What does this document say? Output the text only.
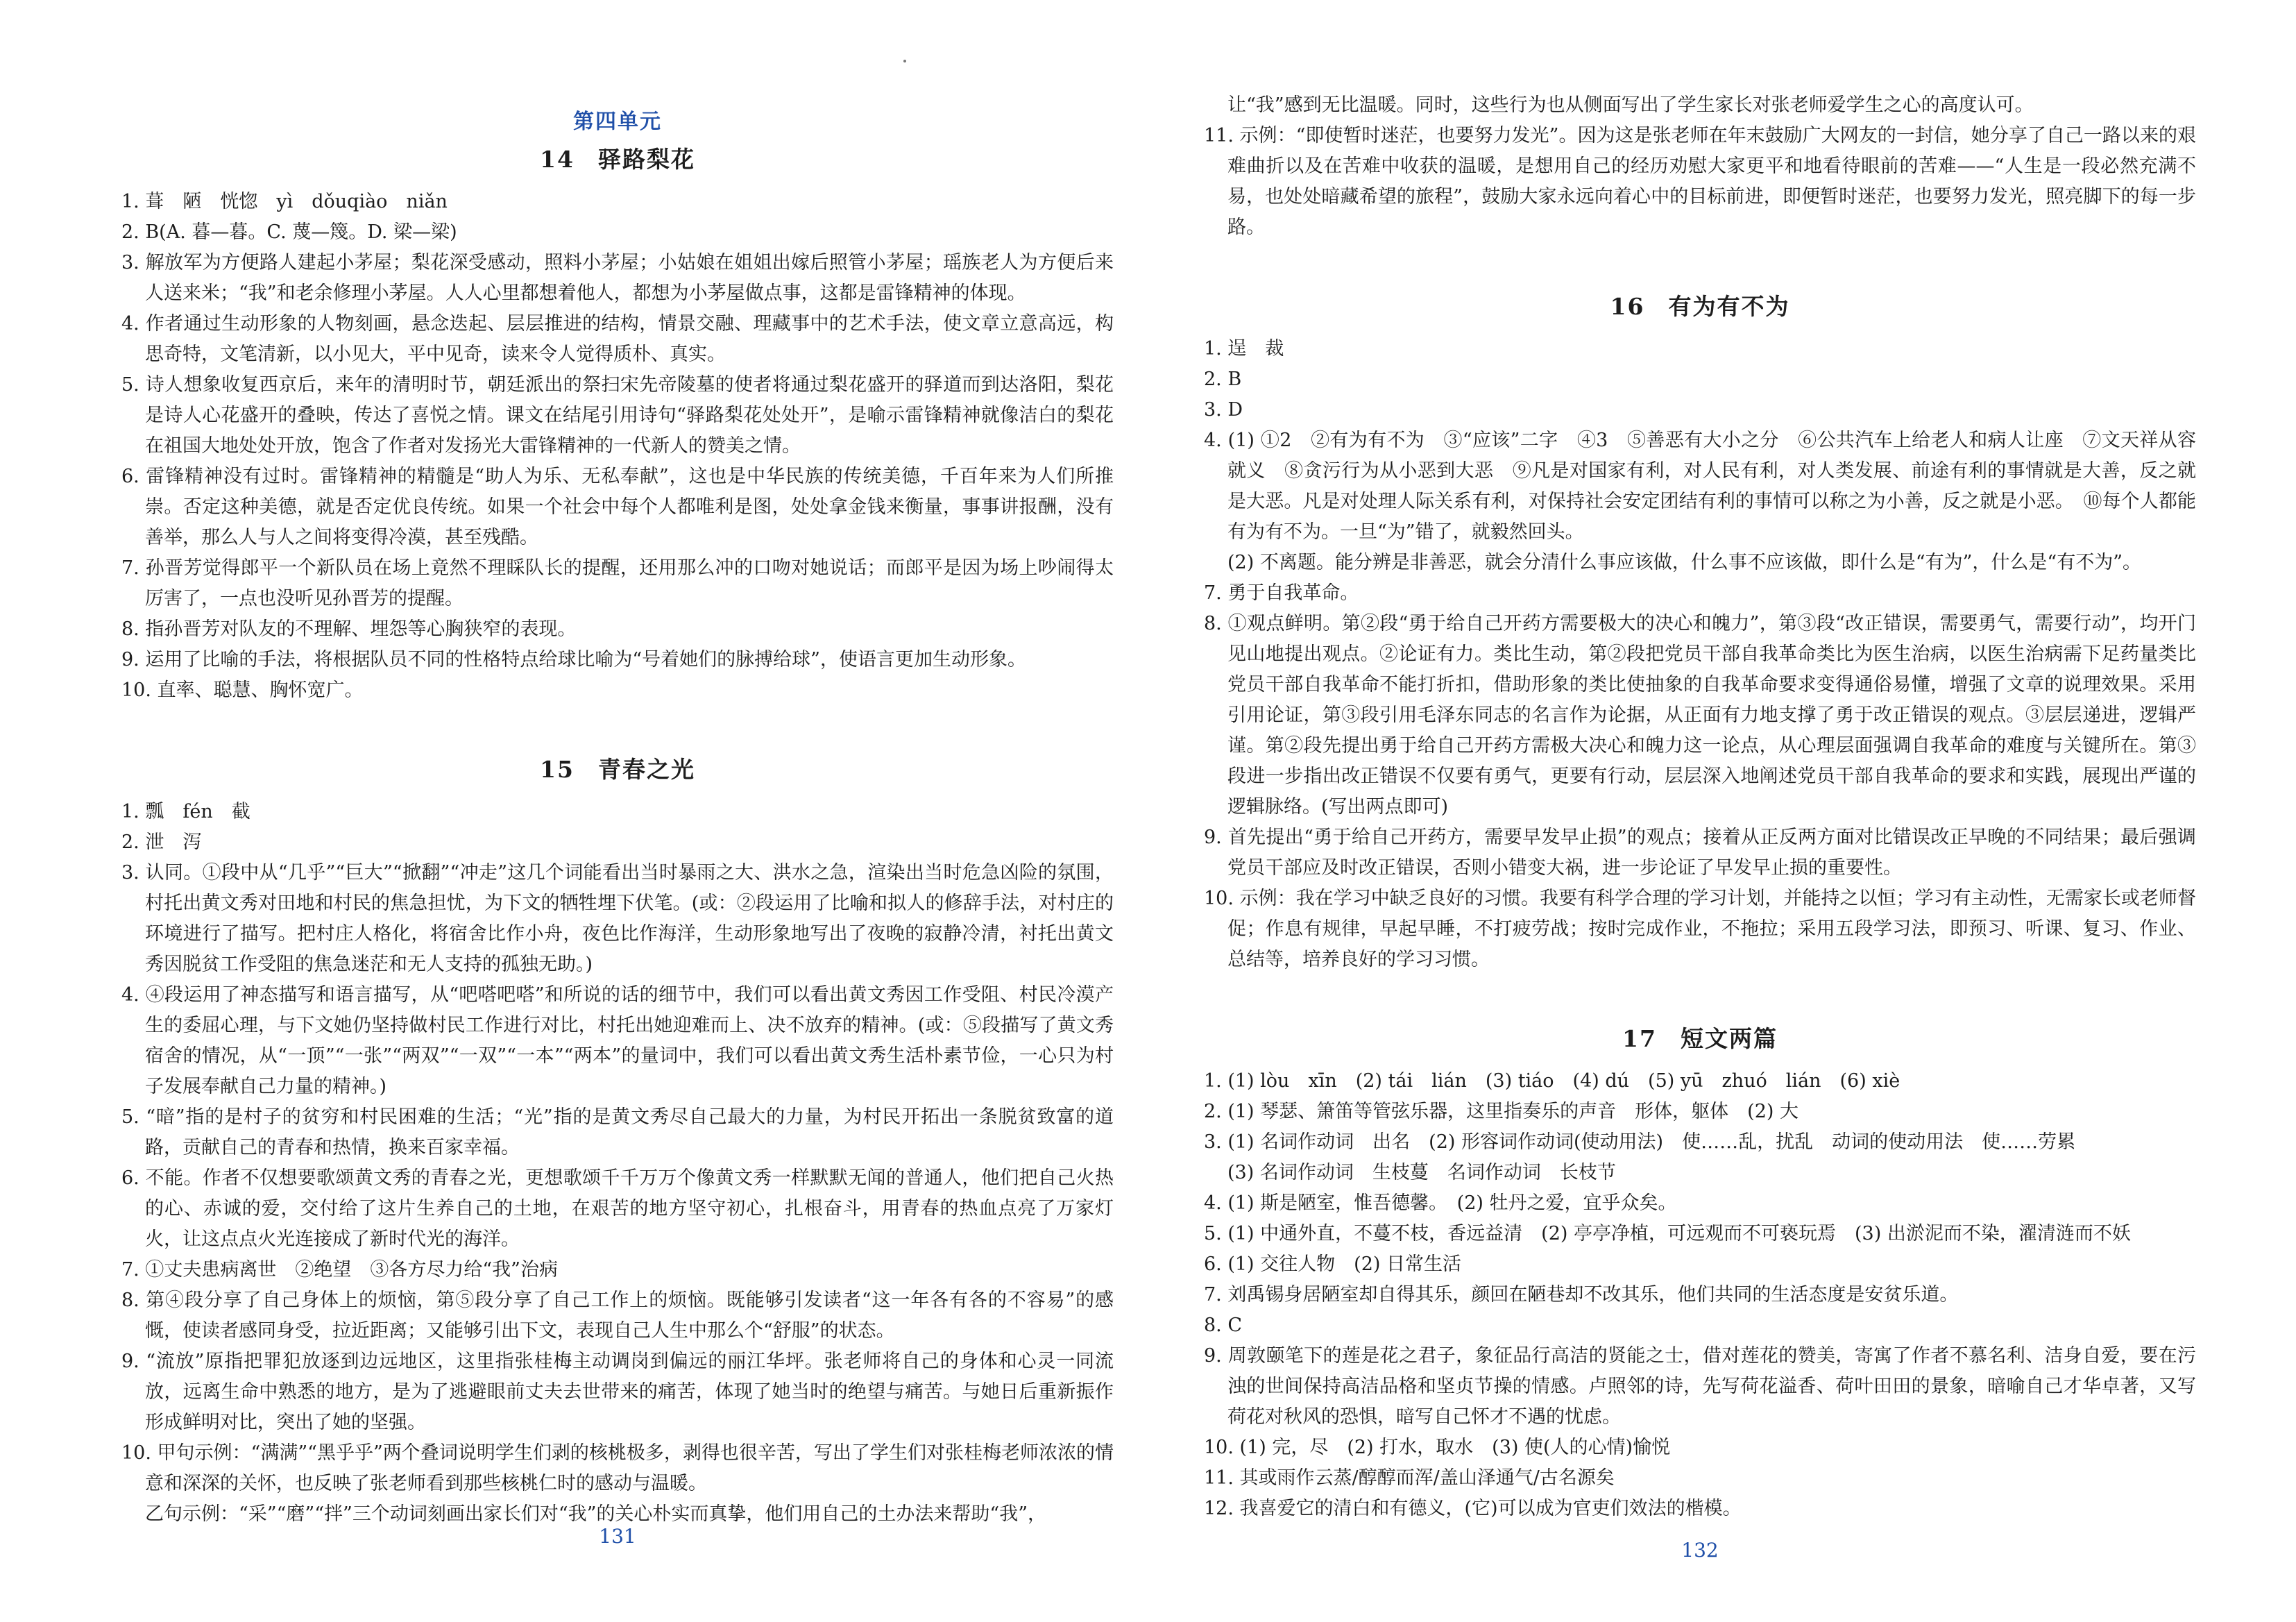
第四单元
14 驿路梨花

1. 葺　陋　恍惚　yì　dǒuqiào　niǎn

2. B(A. 暮—暮。C. 蔑—篾。D. 梁—梁)

3. 解放军为方便路人建起小茅屋；梨花深受感动，照料小茅屋；小姑娘在姐姐出嫁后照管小茅屋；瑶族老人为方便后来人送来米；“我”和老余修理小茅屋。人人心里都想着他人，都想为小茅屋做点事，这都是雷锋精神的体现。

4. 作者通过生动形象的人物刻画，悬念迭起、层层推进的结构，情景交融、理藏事中的艺术手法，使文章立意高远，构思奇特，文笔清新，以小见大，平中见奇，读来令人觉得质朴、真实。

5. 诗人想象收复西京后，来年的清明时节，朝廷派出的祭扫宋先帝陵墓的使者将通过梨花盛开的驿道而到达洛阳，梨花是诗人心花盛开的叠映，传达了喜悦之情。课文在结尾引用诗句“驿路梨花处处开”，是喻示雷锋精神就像洁白的梨花在祖国大地处处开放，饱含了作者对发扬光大雷锋精神的一代新人的赞美之情。

6. 雷锋精神没有过时。雷锋精神的精髓是“助人为乐、无私奉献”，这也是中华民族的传统美德，千百年来为人们所推崇。否定这种美德，就是否定优良传统。如果一个社会中每个人都唯利是图，处处拿金钱来衡量，事事讲报酬，没有善举，那么人与人之间将变得冷漠，甚至残酷。

7. 孙晋芳觉得郎平一个新队员在场上竟然不理睬队长的提醒，还用那么冲的口吻对她说话；而郎平是因为场上吵闹得太厉害了，一点也没听见孙晋芳的提醒。

8. 指孙晋芳对队友的不理解、埋怨等心胸狭窄的表现。

9. 运用了比喻的手法，将根据队员不同的性格特点给球比喻为“号着她们的脉搏给球”，使语言更加生动形象。

10. 直率、聪慧、胸怀宽广。

15 青春之光

1. 瓢　fén　截

2. 泄　泻

3. 认同。①段中从“几乎”“巨大”“掀翻”“冲走”这几个词能看出当时暴雨之大、洪水之急，渲染出当时危急凶险的氛围，村托出黄文秀对田地和村民的焦急担忧，为下文的牺牲埋下伏笔。(或：②段运用了比喻和拟人的修辞手法，对村庄的环境进行了描写。把村庄人格化，将宿舍比作小舟，夜色比作海洋，生动形象地写出了夜晚的寂静冷清，衬托出黄文秀因脱贫工作受阻的焦急迷茫和无人支持的孤独无助。)

4. ④段运用了神态描写和语言描写，从“吧嗒吧嗒”和所说的话的细节中，我们可以看出黄文秀因工作受阻、村民冷漠产生的委屈心理，与下文她仍坚持做村民工作进行对比，村托出她迎难而上、决不放弃的精神。(或：⑤段描写了黄文秀宿舍的情况，从“一顶”“一张”“两双”“一双”“一本”“两本”的量词中，我们可以看出黄文秀生活朴素节俭，一心只为村子发展奉献自己力量的精神。)

5. “暗”指的是村子的贫穷和村民困难的生活；“光”指的是黄文秀尽自己最大的力量，为村民开拓出一条脱贫致富的道路，贡献自己的青春和热情，换来百家幸福。

6. 不能。作者不仅想要歌颂黄文秀的青春之光，更想歌颂千千万万个像黄文秀一样默默无闻的普通人，他们把自己火热的心、赤诚的爱，交付给了这片生养自己的土地，在艰苦的地方坚守初心，扎根奋斗，用青春的热血点亮了万家灯火，让这点点火光连接成了新时代光的海洋。

7. ①丈夫患病离世　②绝望　③各方尽力给“我”治病

8. 第④段分享了自己身体上的烦恼，第⑤段分享了自己工作上的烦恼。既能够引发读者“这一年各有各的不容易”的感慨，使读者感同身受，拉近距离；又能够引出下文，表现自己人生中那么个“舒服”的状态。

9. “流放”原指把罪犯放逐到边远地区，这里指张桂梅主动调岗到偏远的丽江华坪。张老师将自己的身体和心灵一同流放，远离生命中熟悉的地方，是为了逃避眼前丈夫去世带来的痛苦，体现了她当时的绝望与痛苦。与她日后重新振作形成鲜明对比，突出了她的坚强。

10. 甲句示例：“满满”“黑乎乎”两个叠词说明学生们剥的核桃极多，剥得也很辛苦，写出了学生们对张桂梅老师浓浓的情意和深深的关怀，也反映了张老师看到那些核桃仁时的感动与温暖。

乙句示例：“采”“磨”“拌”三个动词刻画出家长们对“我”的关心朴实而真挚，他们用自己的土办法来帮助“我”，

131

让“我”感到无比温暖。同时，这些行为也从侧面写出了学生家长对张老师爱学生之心的高度认可。

11. 示例：“即使暂时迷茫，也要努力发光”。因为这是张老师在年末鼓励广大网友的一封信，她分享了自己一路以来的艰难曲折以及在苦难中收获的温暖，是想用自己的经历劝慰大家更平和地看待眼前的苦难——“人生是一段必然充满不易，也处处暗藏希望的旅程”，鼓励大家永远向着心中的目标前进，即便暂时迷茫，也要努力发光，照亮脚下的每一步路。

16 有为有不为

1. 逞　裁

2. B

3. D

4. (1) ①2　②有为有不为　③“应该”二字　④3　⑤善恶有大小之分　⑥公共汽车上给老人和病人让座　⑦文天祥从容就义　⑧贪污行为从小恶到大恶　⑨凡是对国家有利，对人民有利，对人类发展、前途有利的事情就是大善，反之就是大恶。凡是对处理人际关系有利，对保持社会安定团结有利的事情可以称之为小善，反之就是小恶。　⑩每个人都能有为有不为。一旦“为”错了，就毅然回头。

(2) 不离题。能分辨是非善恶，就会分清什么事应该做，什么事不应该做，即什么是“有为”，什么是“有不为”。

7. 勇于自我革命。

8. ①观点鲜明。第②段“勇于给自己开药方需要极大的决心和魄力”，第③段“改正错误，需要勇气，需要行动”，均开门见山地提出观点。②论证有力。类比生动，第②段把党员干部自我革命类比为医生治病，以医生治病需下足药量类比党员干部自我革命不能打折扣，借助形象的类比使抽象的自我革命要求变得通俗易懂，增强了文章的说理效果。采用引用论证，第③段引用毛泽东同志的名言作为论据，从正面有力地支撑了勇于改正错误的观点。③层层递进，逻辑严谨。第②段先提出勇于给自己开药方需极大决心和魄力这一论点，从心理层面强调自我革命的难度与关键所在。第③段进一步指出改正错误不仅要有勇气，更要有行动，层层深入地阐述党员干部自我革命的要求和实践，展现出严谨的逻辑脉络。(写出两点即可)

9. 首先提出“勇于给自己开药方，需要早发早止损”的观点；接着从正反两方面对比错误改正早晚的不同结果；最后强调党员干部应及时改正错误，否则小错变大祸，进一步论证了早发早止损的重要性。

10. 示例：我在学习中缺乏良好的习惯。我要有科学合理的学习计划，并能持之以恒；学习有主动性，无需家长或老师督促；作息有规律，早起早睡，不打疲劳战；按时完成作业，不拖拉；采用五段学习法，即预习、听课、复习、作业、总结等，培养良好的学习习惯。

17 短文两篇

1. (1) lòu　xīn　(2) tái　lián　(3) tiáo　(4) dú　(5) yū　zhuó　lián　(6) xiè

2. (1) 琴瑟、箫笛等管弦乐器，这里指奏乐的声音　形体，躯体　(2) 大

3. (1) 名词作动词　出名　(2) 形容词作动词(使动用法)　使……乱，扰乱　动词的使动用法　使……劳累

(3) 名词作动词　生枝蔓　名词作动词　长枝节

4. (1) 斯是陋室，惟吾德馨。　(2) 牡丹之爱，宜乎众矣。

5. (1) 中通外直，不蔓不枝，香远益清　(2) 亭亭净植，可远观而不可亵玩焉　(3) 出淤泥而不染，濯清涟而不妖

6. (1) 交往人物　(2) 日常生活

7. 刘禹锡身居陋室却自得其乐，颜回在陋巷却不改其乐，他们共同的生活态度是安贫乐道。

8. C

9. 周敦颐笔下的莲是花之君子，象征品行高洁的贤能之士，借对莲花的赞美，寄寓了作者不慕名利、洁身自爱，要在污浊的世间保持高洁品格和坚贞节操的情感。卢照邻的诗，先写荷花溢香、荷叶田田的景象，暗喻自己才华卓著，又写荷花对秋风的恐惧，暗写自己怀才不遇的忧虑。

10. (1) 完，尽　(2) 打水，取水　(3) 使(人的心情)愉悦

11. 其或雨作云蒸/醇醇而浑/盖山泽通气/古名源矣

12. 我喜爱它的清白和有德义，(它)可以成为官吏们效法的楷模。

132
